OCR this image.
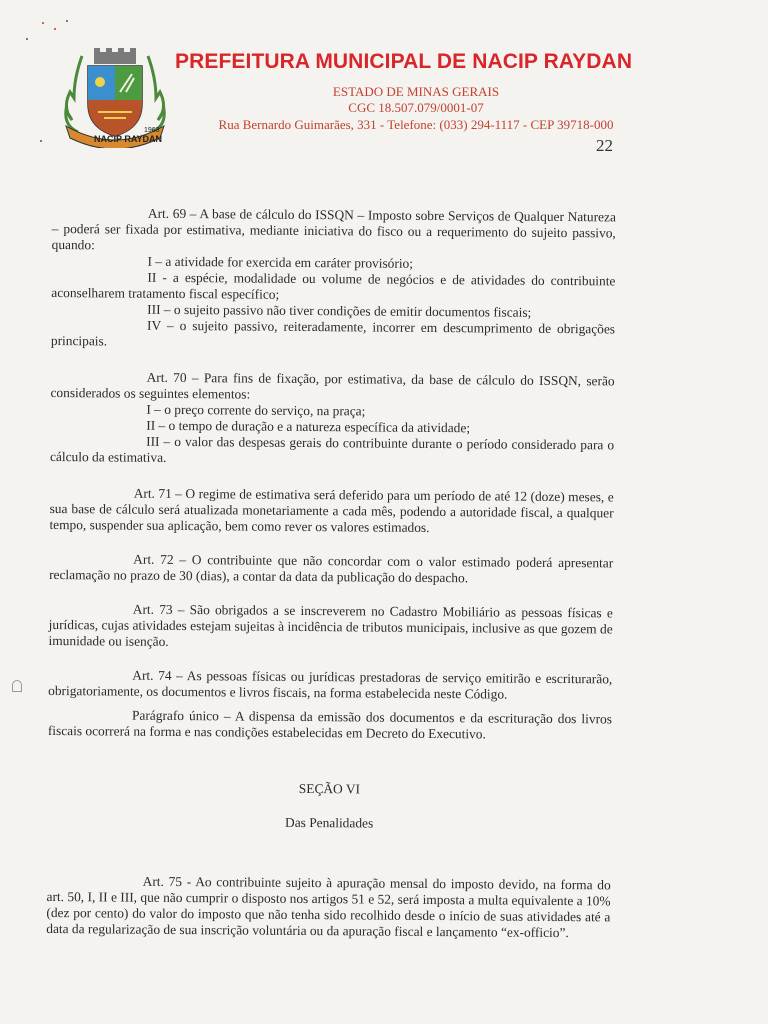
NACIP RAYDAN
1963
PREFEITURA MUNICIPAL DE NACIP RAYDAN
ESTADO DE MINAS GERAIS
CGC 18.507.079/0001-07
Rua Bernardo Guimarães, 331 - Telefone: (033) 294-1117 - CEP 39718-000
22

Art. 69 – A base de cálculo do ISSQN – Imposto sobre Serviços de Qualquer Natureza – poderá ser fixada por estimativa, mediante iniciativa do fisco ou a requerimento do sujeito passivo, quando:

I – a atividade for exercida em caráter provisório;

II - a espécie, modalidade ou volume de negócios e de atividades do contribuinte aconselharem tratamento fiscal específico;

III – o sujeito passivo não tiver condições de emitir documentos fiscais;

IV – o sujeito passivo, reiteradamente, incorrer em descumprimento de obrigações principais.

Art. 70 – Para fins de fixação, por estimativa, da base de cálculo do ISSQN, serão considerados os seguintes elementos:

I – o preço corrente do serviço, na praça;

II – o tempo de duração e a natureza específica da atividade;

III – o valor das despesas gerais do contribuinte durante o período considerado para o cálculo da estimativa.

Art. 71 – O regime de estimativa será deferido para um período de até 12 (doze) meses, e sua base de cálculo será atualizada monetariamente a cada mês, podendo a autoridade fiscal, a qualquer tempo, suspender sua aplicação, bem como rever os valores estimados.

Art. 72 – O contribuinte que não concordar com o valor estimado poderá apresentar reclamação no prazo de 30 (dias), a contar da data da publicação do despacho.

Art. 73 – São obrigados a se inscreverem no Cadastro Mobiliário as pessoas físicas e jurídicas, cujas atividades estejam sujeitas à incidência de tributos municipais, inclusive as que gozem de imunidade ou isenção.

Art. 74 – As pessoas físicas ou jurídicas prestadoras de serviço emitirão e escriturarão, obrigatoriamente, os documentos e livros fiscais, na forma estabelecida neste Código.

Parágrafo único – A dispensa da emissão dos documentos e da escrituração dos livros fiscais ocorrerá na forma e nas condições estabelecidas em Decreto do Executivo.

SEÇÃO VI

Das Penalidades

Art. 75 - Ao contribuinte sujeito à apuração mensal do imposto devido, na forma do art. 50, I, II e III, que não cumprir o disposto nos artigos 51 e 52, será imposta a multa equivalente a 10% (dez por cento) do valor do imposto que não tenha sido recolhido desde o início de suas atividades até a data da regularização de sua inscrição voluntária ou da apuração fiscal e lançamento “ex-officio”.
